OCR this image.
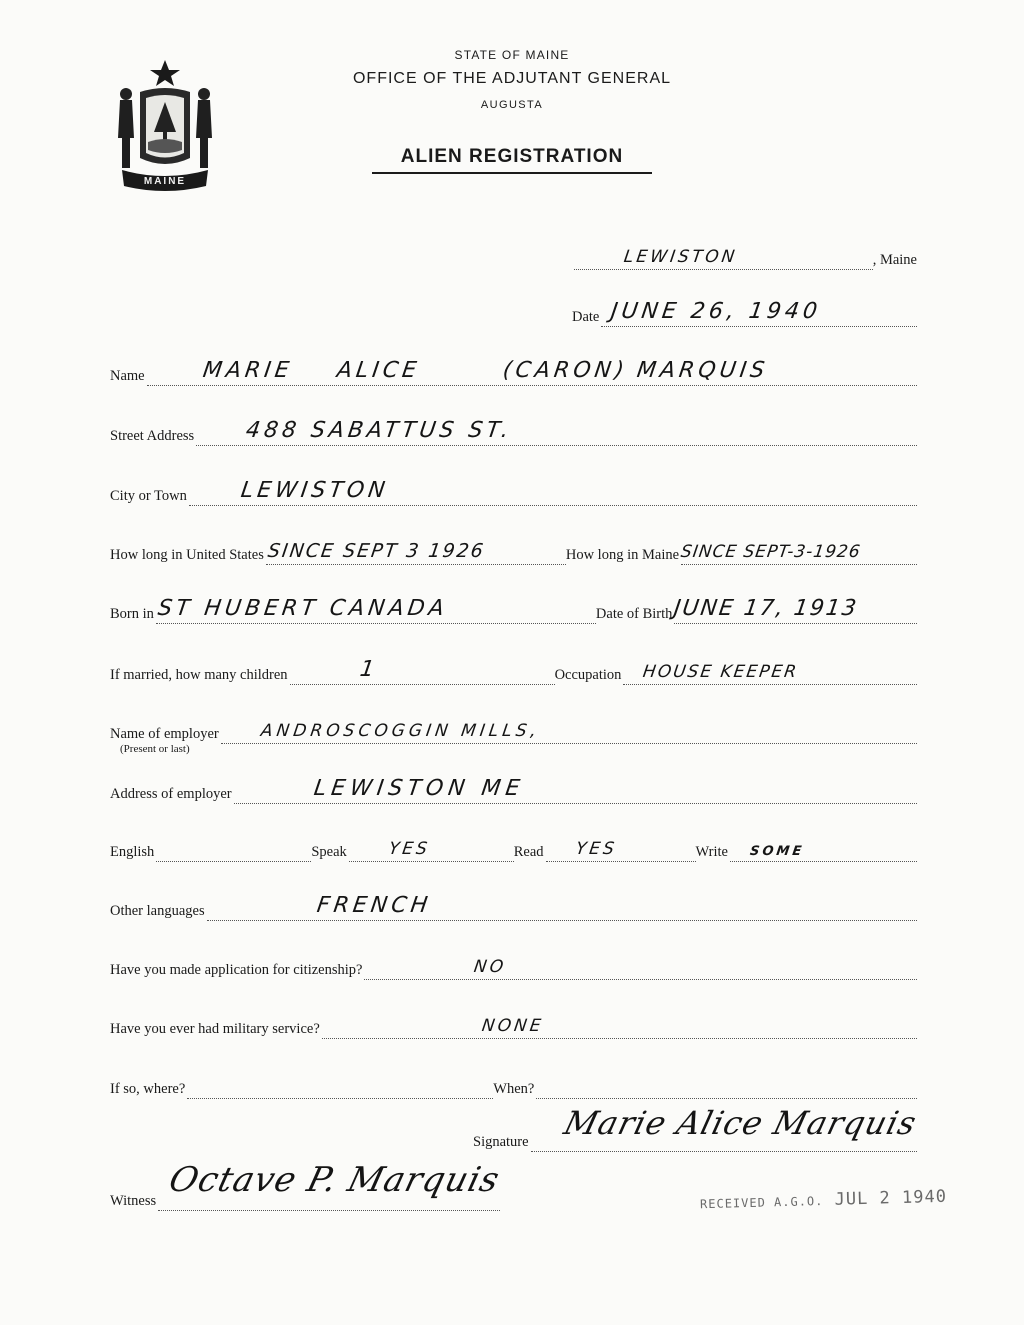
MAINE
STATE OF MAINE
OFFICE OF THE ADJUTANT GENERAL
AUGUSTA
ALIEN REGISTRATION
LEWISTON	, Maine
Date JUNE 26, 1940
Name	MARIE ALICE	(CARON) MARQUIS
Street Address 488 SABATTUS ST.
City or Town LEWISTON
How long in United States SINCE SEPT 3 1926	How long in Maine SINCE SEPT-3-1926
Born in ST HUBERT CANADA	Date of Birth JUNE 17, 1913
If married, how many children	1	Occupation HOUSE KEEPER
Name of employer ANDROSCOGGIN MILLS,
(Present or last)
Address of employer	LEWISTON ME
English	Speak YES	Read YES	Write SOME
Other languages	FRENCH
Have you made application for citizenship?	NO
Have you ever had military service?	NONE
If so, where?	When?
Signature Marie Alice Marquis
Witness
Octave P. Marquis
RECEIVED A.G.O. JUL 2 1940
